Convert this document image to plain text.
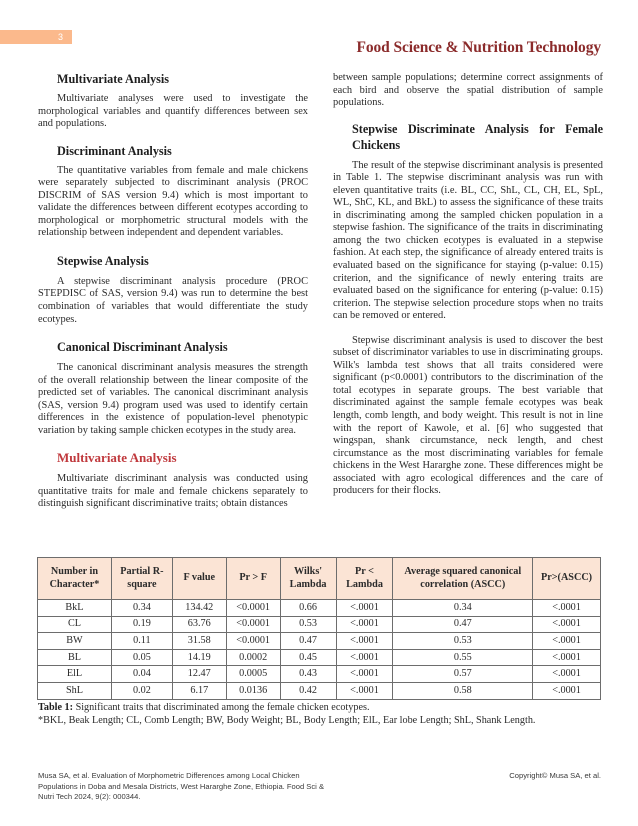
3
Food Science & Nutrition Technology
Multivariate Analysis

Multivariate analyses were used to investigate the morphological variables and quantify differences between sex and populations.

Discriminant Analysis

The quantitative variables from female and male chickens were separately subjected to discriminant analysis (PROC DISCRIM of SAS version 9.4) which is most important to validate the differences between different ecotypes according to morphological or morphometric structural models with the relationship between independent and dependent variables.

Stepwise Analysis

A stepwise discriminant analysis procedure (PROC STEPDISC of SAS, version 9.4) was run to determine the best combination of variables that would differentiate the study ecotypes.

Canonical Discriminant Analysis

The canonical discriminant analysis measures the strength of the overall relationship between the linear composite of the predicted set of variables. The canonical discriminant analysis (SAS, version 9.4) program used was used to identify certain differences in the existence of population-level phenotypic variation by taking sample chicken ecotypes in the study area.

Multivariate Analysis

Multivariate discriminant analysis was conducted using quantitative traits for male and female chickens separately to distinguish significant discriminative traits; obtain distances

between sample populations; determine correct assignments of each bird and observe the spatial distribution of sample populations.

Stepwise Discriminate Analysis for Female
Chickens

The result of the stepwise discriminant analysis is presented in Table 1. The stepwise discriminant analysis was run with eleven quantitative traits (i.e. BL, CC, ShL, CL, CH, EL, SpL, WL, ShC, KL, and BkL) to assess the significance of these traits in discriminating among the sampled chicken population in a stepwise fashion. The significance of the traits in discriminating among the two chicken ecotypes is evaluated in a stepwise fashion. At each step, the significance of already entered traits is evaluated based on the significance for staying (p-value: 0.15) criterion, and the significance of newly entering traits are evaluated based on the significance for entering (p-value: 0.15) criterion. The stepwise selection procedure stops when no traits can be removed or entered.

Stepwise discriminant analysis is used to discover the best subset of discriminator variables to use in discriminating groups. Wilk's lambda test shows that all traits considered were significant (p<0.0001) contributors to the discrimination of the total ecotypes in separate groups. The best variable that discriminated against the sample female ecotypes was beak length, comb length, and body weight. This result is not in line with the report of Kawole, et al. [6] who suggested that wingspan, shank circumstance, neck length, and chest circumstance as the most discriminating variables for female chickens in the West Hararghe zone. These differences might be associated with agro ecological differences and the care of producers for their flocks.

Number in Character*	Partial R-square	F value	Pr > F	Wilks' Lambda	Pr < Lambda	Average squared canonical correlation (ASCC)	Pr>(ASCC)
BkL	0.34	134.42	<0.0001	0.66	<.0001	0.34	<.0001
CL	0.19	63.76	<0.0001	0.53	<.0001	0.47	<.0001
BW	0.11	31.58	<0.0001	0.47	<.0001	0.53	<.0001
BL	0.05	14.19	0.0002	0.45	<.0001	0.55	<.0001
ElL	0.04	12.47	0.0005	0.43	<.0001	0.57	<.0001
ShL	0.02	6.17	0.0136	0.42	<.0001	0.58	<.0001
Table 1: Significant traits that discriminated among the female chicken ecotypes.
*BKL, Beak Length; CL, Comb Length; BW, Body Weight; BL, Body Length; ElL, Ear lobe Length; ShL, Shank Length.
Musa SA, et al. Evaluation of Morphometric Differences among Local Chicken Populations in Doba and Mesala Districts, West Hararghe Zone, Ethiopia. Food Sci & Nutri Tech 2024, 9(2): 000344.
Copyright© Musa SA, et al.
